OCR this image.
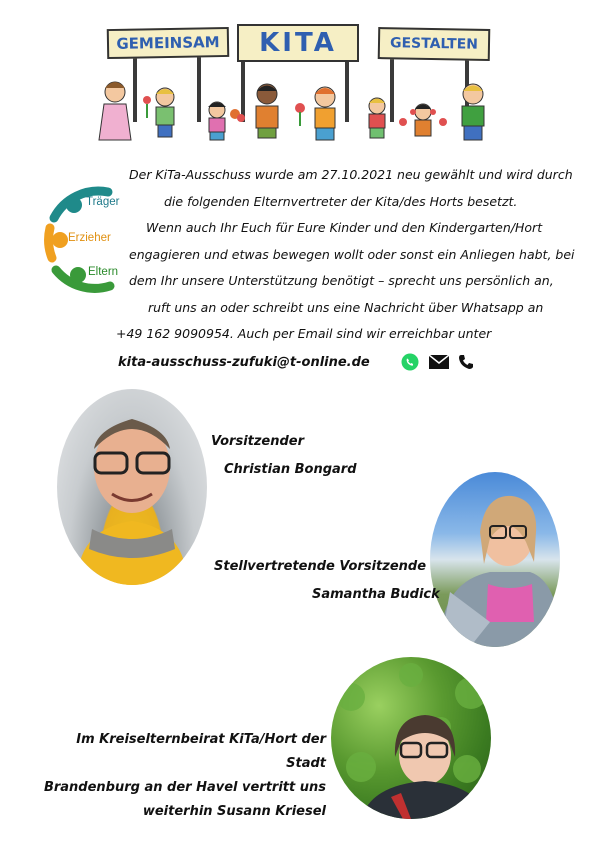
GEMEINSAM	KITA	GESTALTEN
Träger
Erzieher
Eltern

Der KiTa-Ausschuss wurde am 27.10.2021 neu gewählt und wird durch

die folgenden Elternvertreter der Kita/des Horts besetzt.

Wenn auch Ihr Euch für Eure Kinder und den Kindergarten/Hort

engagieren und etwas bewegen wollt oder sonst ein Anliegen habt, bei

dem Ihr unsere Unterstützung benötigt – sprecht uns persönlich an,

ruft uns an oder schreibt uns eine Nachricht über Whatsapp an

+49 162 9090954. Auch per Email sind wir erreichbar unter

kita-ausschuss-zufuki@t-online.de
Vorsitzender
Christian Bongard
Stellvertretende Vorsitzende
Samantha Budick
Im Kreiselternbeirat KiTa/Hort der Stadt
Brandenburg an der Havel vertritt uns
weiterhin Susann Kriesel
